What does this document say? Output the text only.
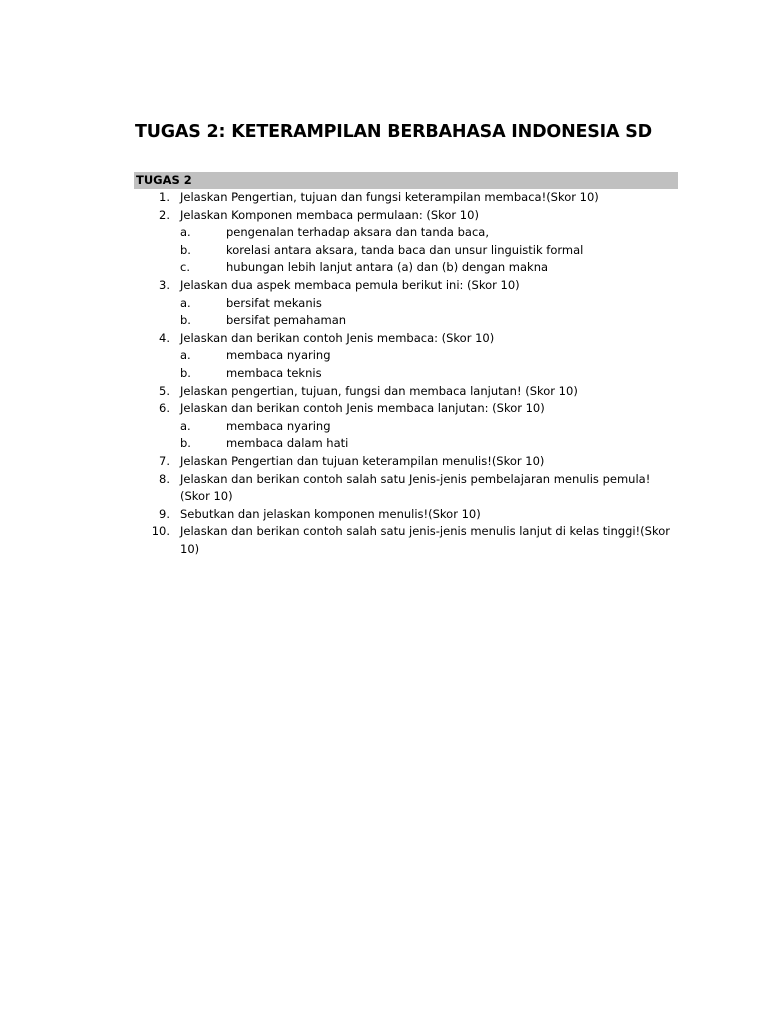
TUGAS 2: KETERAMPILAN BERBAHASA INDONESIA SD
TUGAS 2
1. Jelaskan Pengertian, tujuan dan fungsi keterampilan membaca!(Skor 10)
2. Jelaskan Komponen membaca permulaan: (Skor 10)
a.	pengenalan terhadap aksara dan tanda baca,
b.	korelasi antara aksara, tanda baca dan unsur linguistik formal
c.	hubungan lebih lanjut antara (a) dan (b) dengan makna
3. Jelaskan dua aspek membaca pemula berikut ini: (Skor 10)
a.	bersifat mekanis
b.	bersifat pemahaman
4. Jelaskan dan berikan contoh Jenis membaca: (Skor 10)
a.	membaca nyaring
b.	membaca teknis
5. Jelaskan pengertian, tujuan, fungsi dan membaca lanjutan! (Skor 10)
6. Jelaskan dan berikan contoh Jenis membaca lanjutan: (Skor 10)
a.	membaca nyaring
b.	membaca dalam hati
7. Jelaskan Pengertian dan tujuan keterampilan menulis!(Skor 10)
8. Jelaskan dan berikan contoh salah satu Jenis-jenis pembelajaran menulis pemula!(Skor 10)
9. Sebutkan dan jelaskan komponen menulis!(Skor 10)
10. Jelaskan dan berikan contoh salah satu jenis-jenis menulis lanjut di kelas tinggi!(Skor 10)
